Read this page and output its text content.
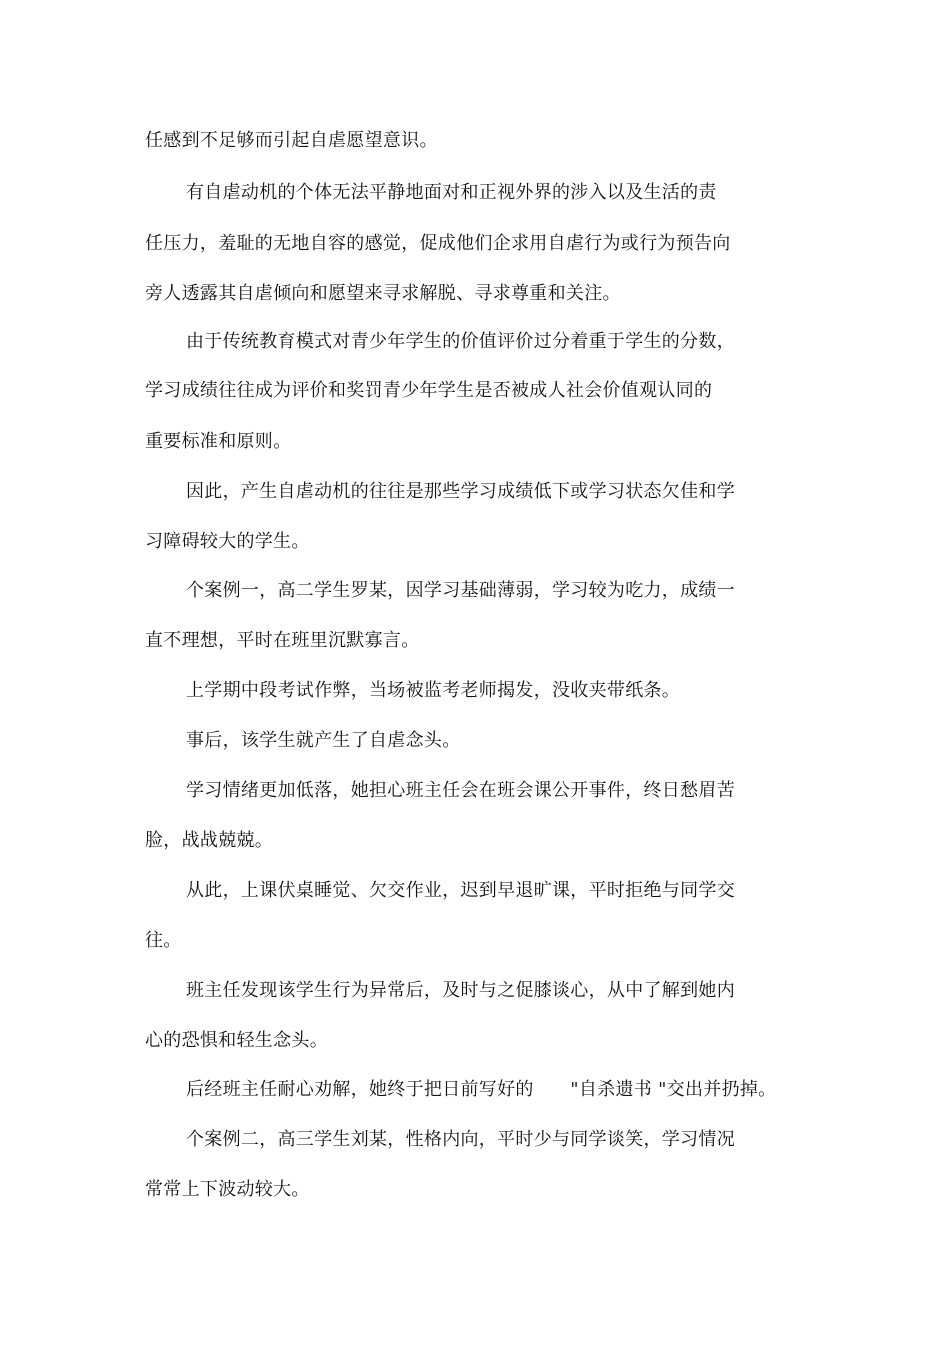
任感到不足够而引起自虐愿望意识。
有自虐动机的个体无法平静地面对和正视外界的涉入以及生活的责
任压力，羞耻的无地自容的感觉，促成他们企求用自虐行为或行为预告向
旁人透露其自虐倾向和愿望来寻求解脱、寻求尊重和关注。
由于传统教育模式对青少年学生的价值评价过分着重于学生的分数，
学习成绩往往成为评价和奖罚青少年学生是否被成人社会价值观认同的
重要标准和原则。
因此，产生自虐动机的往往是那些学习成绩低下或学习状态欠佳和学
习障碍较大的学生。
个案例一，高二学生罗某，因学习基础薄弱，学习较为吃力，成绩一
直不理想，平时在班里沉默寡言。
上学期中段考试作弊，当场被监考老师揭发，没收夹带纸条。
事后，该学生就产生了自虐念头。
学习情绪更加低落，她担心班主任会在班会课公开事件，终日愁眉苦
脸，战战兢兢。
从此，上课伏桌睡觉、欠交作业，迟到早退旷课，平时拒绝与同学交
往。
班主任发现该学生行为异常后，及时与之促膝谈心，从中了解到她内
心的恐惧和轻生念头。
后经班主任耐心劝解，她终于把日前写好的　　"自杀遗书 "交出并扔掉。
个案例二，高三学生刘某，性格内向，平时少与同学谈笑，学习情况
常常上下波动较大。
